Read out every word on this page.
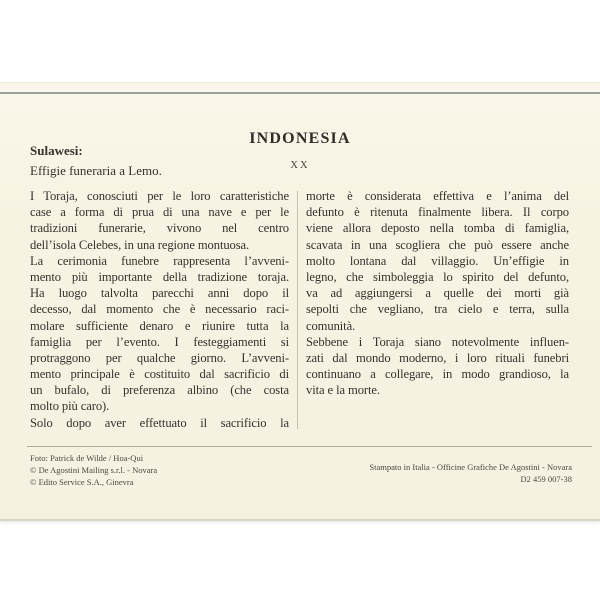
INDONESIA
XX
Sulawesi:
Effigie funeraria a Lemo.
I Toraja, conosciuti per le loro caratteristiche
case a forma di prua di una nave e per le
tradizioni funerarie, vivono nel centro
dell’isola Celebes, in una regione montuosa.
La cerimonia funebre rappresenta l’avveni-
mento più importante della tradizione toraja.
Ha luogo talvolta parecchi anni dopo il
decesso, dal momento che è necessario raci-
molare sufficiente denaro e riunire tutta la
famiglia per l’evento. I festeggiamenti si
protraggono per qualche giorno. L’avveni-
mento principale è costituito dal sacrificio di
un bufalo, di preferenza albino (che costa
molto più caro).
Solo dopo aver effettuato il sacrificio la
morte è considerata effettiva e l’anima del
defunto è ritenuta finalmente libera. Il corpo
viene allora deposto nella tomba di famiglia,
scavata in una scogliera che può essere anche
molto lontana dal villaggio. Un’effigie in
legno, che simboleggia lo spirito del defunto,
va ad aggiungersi a quelle dei morti già
sepolti che vegliano, tra cielo e terra, sulla
comunità.
Sebbene i Toraja siano notevolmente influen-
zati dal mondo moderno, i loro rituali funebri
continuano a collegare, in modo grandioso, la
vita e la morte.
Foto: Patrick de Wilde / Hoa-Qui
© De Agostini Mailing s.r.l. - Novara
© Edito Service S.A., Ginevra
Stampato in Italia - Officine Grafiche De Agostini - Novara
D2 459 007-38
